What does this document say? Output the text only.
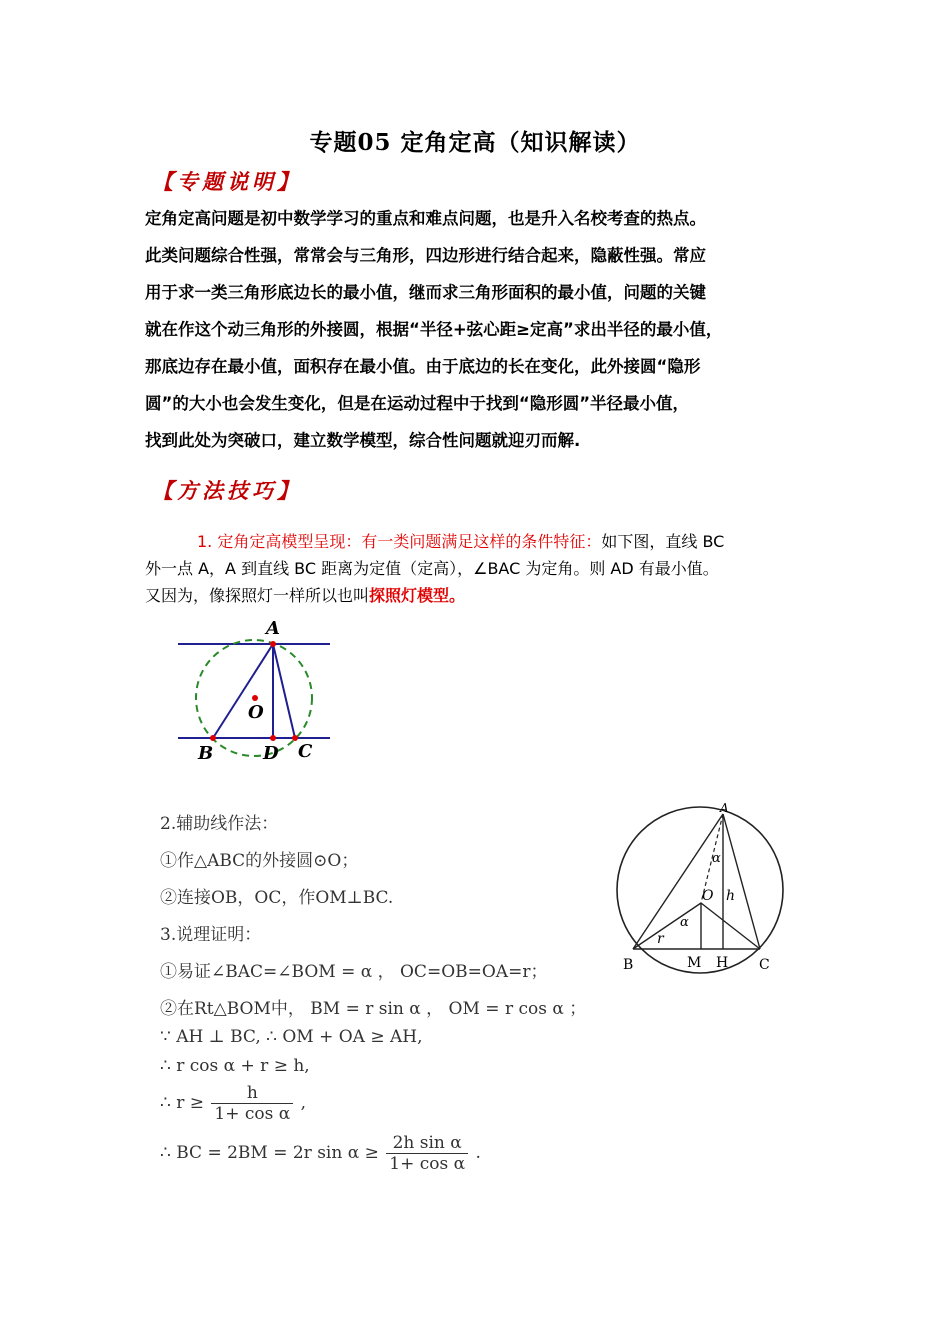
专题05 定角定高（知识解读）
【专题说明】
定角定高问题是初中数学学习的重点和难点问题，也是升入名校考查的热点。
此类问题综合性强，常常会与三角形，四边形进行结合起来，隐蔽性强。常应
用于求一类三角形底边长的最小值，继而求三角形面积的最小值，问题的关键
就在作这个动三角形的外接圆，根据“半径+弦心距≥定高”求出半径的最小值，
那底边存在最小值，面积存在最小值。由于底边的长在变化，此外接圆“隐形
圆”的大小也会发生变化，但是在运动过程中于找到“隐形圆”半径最小值，
找到此处为突破口，建立数学模型，综合性问题就迎刃而解.
【方法技巧】
1. 定角定高模型呈现：有一类问题满足这样的条件特征：如下图，直线 BC
外一点 A，A 到直线 BC 距离为定值（定高），∠BAC 为定角。则 AD 有最小值。
又因为，像探照灯一样所以也叫探照灯模型。
A
O
B	D C
2.辅助线作法：
①作△ABC的外接圆⊙O；
②连接OB，OC，作OM⊥BC.
3.说理证明：
①易证∠BAC=∠BOM = α ， OC=OB=OA=r；
②在Rt△BOM中， BM = r sin α ， OM = r cos α ；
∵ AH ⊥ BC, ∴ OM + OA ≥ AH,
∴ r cos α + r ≥ h,
∴ $r \ge \frac{h}{\text{1+ cos α}}$ ,
∴ BC = 2BM = 2r $\sin \alpha \ge \frac{\text{2h sin α}}{\text{1+ cos α}}$ .
A
α
O h
α
r
B	M H C
